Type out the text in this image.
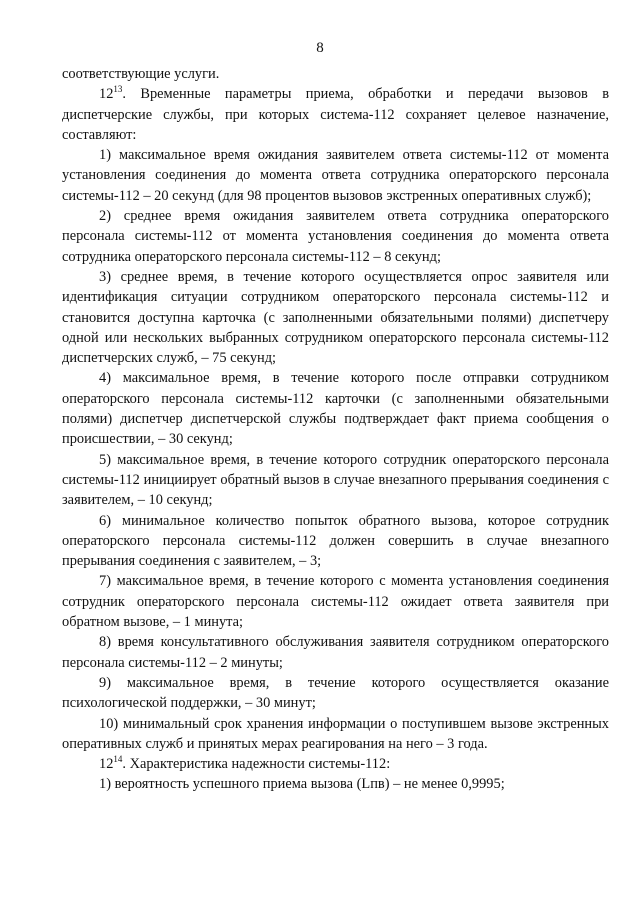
8

соответствующие услуги.

$12^{13}$. Временные параметры приема, обработки и передачи вызовов в диспетчерские службы, при которых система-112 сохраняет целевое назначение, составляют:

1) максимальное время ожидания заявителем ответа системы-112 от момента установления соединения до момента ответа сотрудника операторского персонала системы-112 – 20 секунд (для 98 процентов вызовов экстренных оперативных служб);

2) среднее время ожидания заявителем ответа сотрудника операторского персонала системы-112 от момента установления соединения до момента ответа сотрудника операторского персонала системы-112 – 8 секунд;

3) среднее время, в течение которого осуществляется опрос заявителя или идентификация ситуации сотрудником операторского персонала системы-112 и становится доступна карточка (с заполненными обязательными полями) диспетчеру одной или нескольких выбранных сотрудником операторского персонала системы-112 диспетчерских служб, – 75 секунд;

4) максимальное время, в течение которого после отправки сотрудником операторского персонала системы-112 карточки (с заполненными обязательными полями) диспетчер диспетчерской службы подтверждает факт приема сообщения о происшествии, – 30 секунд;

5) максимальное время, в течение которого сотрудник операторского персонала системы-112 инициирует обратный вызов в случае внезапного прерывания соединения с заявителем, – 10 секунд;

6) минимальное количество попыток обратного вызова, которое сотрудник операторского персонала системы-112 должен совершить в случае внезапного прерывания соединения с заявителем, – 3;

7) максимальное время, в течение которого с момента установления соединения сотрудник операторского персонала системы-112 ожидает ответа заявителя при обратном вызове, – 1 минута;

8) время консультативного обслуживания заявителя сотрудником операторского персонала системы-112 – 2 минуты;

9) максимальное время, в течение которого осуществляется оказание психологической поддержки, – 30 минут;

10) минимальный срок хранения информации о поступившем вызове экстренных оперативных служб и принятых мерах реагирования на него – 3 года.

$12^{14}$. Характеристика надежности системы-112:

1) вероятность успешного приема вызова (Lпв) – не менее 0,9995;
